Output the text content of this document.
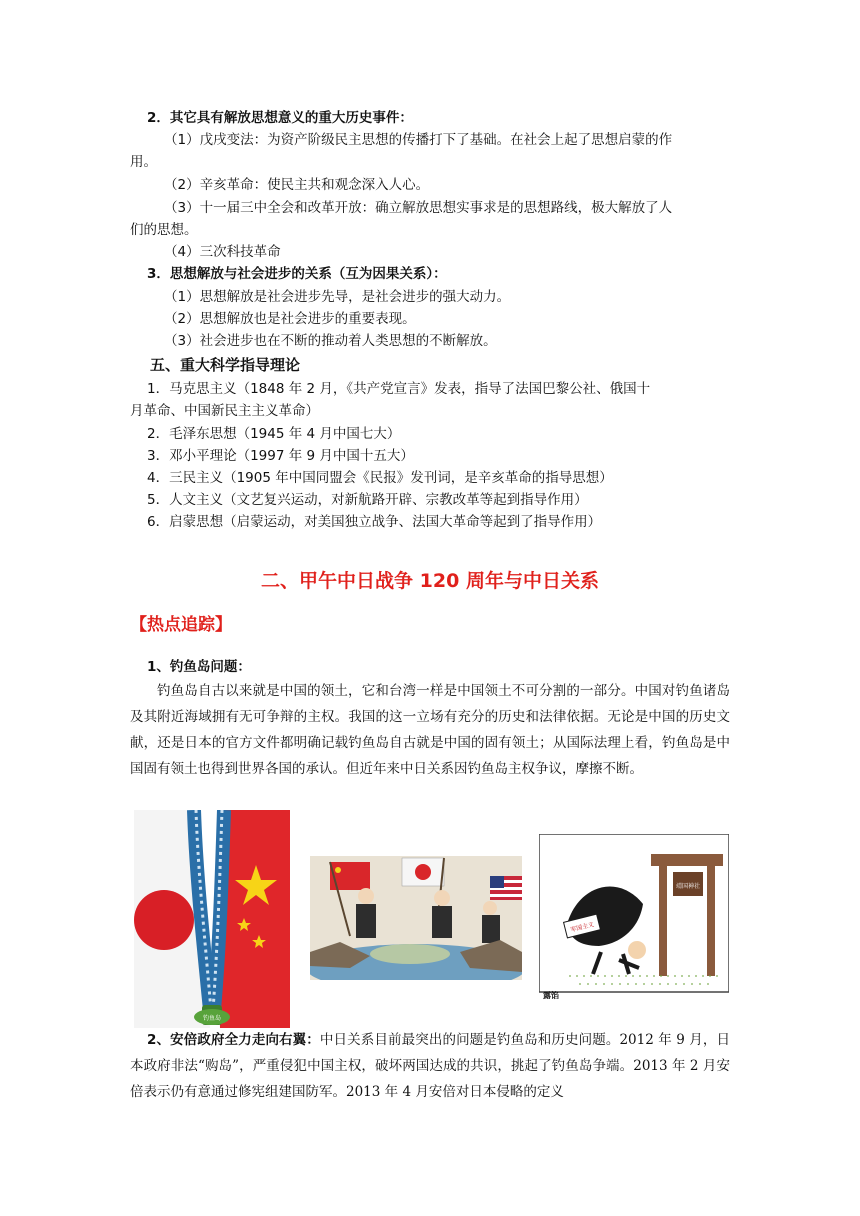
2．其它具有解放思想意义的重大历史事件：
（1）戊戌变法：为资产阶级民主思想的传播打下了基础。在社会上起了思想启蒙的作
用。
（2）辛亥革命：使民主共和观念深入人心。
（3）十一届三中全会和改革开放：确立解放思想实事求是的思想路线，极大解放了人
们的思想。
（4）三次科技革命
3．思想解放与社会进步的关系（互为因果关系）：
（1）思想解放是社会进步先导，是社会进步的强大动力。
（2）思想解放也是社会进步的重要表现。
（3）社会进步也在不断的推动着人类思想的不断解放。
五、重大科学指导理论
1．马克思主义（1848 年 2 月，《共产党宣言》发表，指导了法国巴黎公社、俄国十
月革命、中国新民主主义革命）
2．毛泽东思想（1945 年 4 月中国七大）
3．邓小平理论（1997 年 9 月中国十五大）
4．三民主义（1905 年中国同盟会《民报》发刊词，是辛亥革命的指导思想）
5．人文主义（文艺复兴运动，对新航路开辟、宗教改革等起到指导作用）
6．启蒙思想（启蒙运动，对美国独立战争、法国大革命等起到了指导作用）
二、甲午中日战争 120 周年与中日关系
【热点追踪】
1、钓鱼岛问题：
钓鱼岛自古以来就是中国的领土，它和台湾一样是中国领土不可分割的一部分。中国对钓鱼诸岛及其附近海域拥有无可争辩的主权。我国的这一立场有充分的历史和法律依据。无论是中国的历史文献，还是日本的官方文件都明确记载钓鱼岛自古就是中国的固有领土；从国际法理上看，钓鱼岛是中国固有领土也得到世界各国的承认。但近年来中日关系因钓鱼岛主权争议，摩擦不断。
钓鱼岛
靖国神社
军国主义
露馅
2、安倍政府全力走向右翼：中日关系目前最突出的问题是钓鱼岛和历史问题。2012 年 9 月，日本政府非法“购岛”，严重侵犯中国主权，破坏两国达成的共识，挑起了钓鱼岛争端。2013 年 2 月安倍表示仍有意通过修宪组建国防军。2013 年 4 月安倍对日本侵略的定义
